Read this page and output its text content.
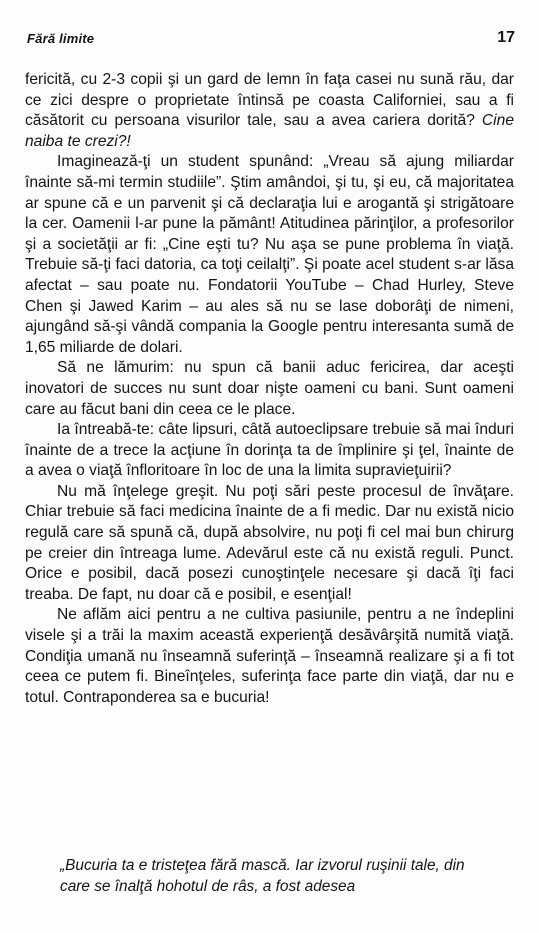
Fără limite	17

fericită, cu 2-3 copii şi un gard de lemn în faţa casei nu sună rău, dar ce zici despre o proprietate întinsă pe coasta Californiei, sau a fi căsătorit cu persoana visurilor tale, sau a avea cariera dorită? Cine naiba te crezi?!

Imaginează-ţi un student spunând: „Vreau să ajung miliardar înainte să-mi termin studiile”. Ştim amândoi, şi tu, şi eu, că majoritatea ar spune că e un parvenit şi că declaraţia lui e arogantă şi strigătoare la cer. Oamenii l-ar pune la pământ! Atitudinea părinţilor, a profesorilor şi a societăţii ar fi: „Cine eşti tu? Nu aşa se pune problema în viaţă. Trebuie să-ţi faci datoria, ca toţi ceilalţi”. Şi poate acel student s-ar lăsa afectat – sau poate nu. Fondatorii YouTube – Chad Hurley, Steve Chen şi Jawed Karim – au ales să nu se lase doborâţi de nimeni, ajungând să-şi vândă compania la Google pentru interesanta sumă de 1,65 miliarde de dolari.

Să ne lămurim: nu spun că banii aduc fericirea, dar aceşti inovatori de succes nu sunt doar nişte oameni cu bani. Sunt oameni care au făcut bani din ceea ce le place.

Ia întreabă-te: câte lipsuri, câtă autoeclipsare trebuie să mai înduri înainte de a trece la acţiune în dorinţa ta de împlinire şi ţel, înainte de a avea o viaţă înfloritoare în loc de una la limita supravieţuirii?

Nu mă înţelege greşit. Nu poţi sări peste procesul de învăţare. Chiar trebuie să faci medicina înainte de a fi medic. Dar nu există nicio regulă care să spună că, după absolvire, nu poţi fi cel mai bun chirurg pe creier din întreaga lume. Adevărul este că nu există reguli. Punct. Orice e posibil, dacă posezi cunoştinţele necesare şi dacă îţi faci treaba. De fapt, nu doar că e posibil, e esenţial!

Ne aflăm aici pentru a ne cultiva pasiunile, pentru a ne îndeplini visele şi a trăi la maxim această experienţă desăvârşită numită viaţă. Condiţia umană nu înseamnă suferinţă – înseamnă realizare şi a fi tot ceea ce putem fi. Bineînţeles, suferinţa face parte din viaţă, dar nu e totul. Contraponderea sa e bucuria!

„Bucuria ta e tristeţea fără mască. Iar izvorul ruşinii tale, din care se înalţă hohotul de râs, a fost adesea
